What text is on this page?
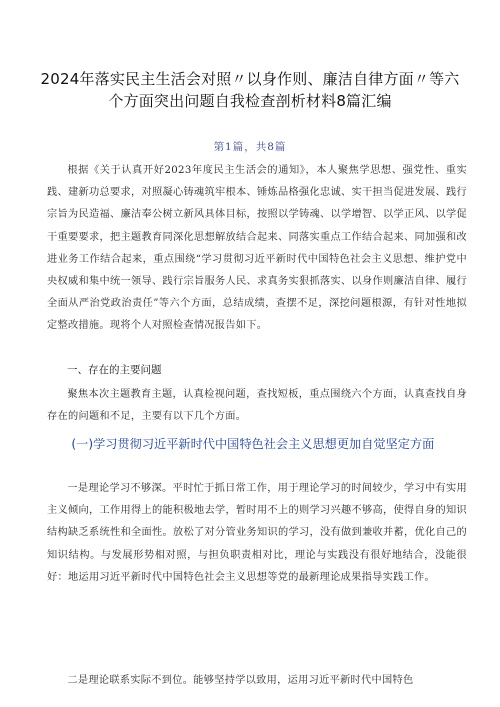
2024年落实民主生活会对照〃以身作则、廉洁自律方面〃等六个方面突出问题自我检查剖析材料8篇汇编
第1篇，共8篇
根据《关于认真开好2023年度民主生活会的通知》，本人聚焦学思想、强党性、重实践、建新功总要求，对照凝心铸魂筑牢根本、锤炼品格强化忠诚、实干担当促进发展、践行宗旨为民造福、廉洁奉公树立新风具体目标，按照以学铸魂、以学增智、以学正风、以学促干重要要求，把主题教育同深化思想解放结合起来、同落实重点工作结合起来、同加强和改进业务工作结合起来，重点围绕“学习贯彻习近平新时代中国特色社会主义思想、维护党中央权威和集中统一领导、践行宗旨服务人民、求真务实狠抓落实、以身作则廉洁自律、履行全面从严治党政治责任”等六个方面，总结成绩，查摆不足，深挖问题根源，有针对性地拟定整改措施。现将个人对照检查情况报告如下。
一、存在的主要问题
聚焦本次主题教育主题，认真检视问题，查找短板，重点围绕六个方面，认真查找自身存在的问题和不足，主要有以下几个方面。
(一)学习贯彻习近平新时代中国特色社会主义思想更加自觉坚定方面
一是理论学习不够深。平时忙于抓日常工作，用于理论学习的时间较少，学习中有实用主义倾向，工作用得上的能积极地去学，暂时用不上的则学习兴趣不够高，使得自身的知识结构缺乏系统性和全面性。放松了对分管业务知识的学习，没有做到兼收并蓄，优化自己的知识结构。与发展形势相对照，与担负职责相对比，理论与实践没有很好地结合，没能很好：地运用习近平新时代中国特色社会主义思想等党的最新理论成果指导实践工作。
二是理论联系实际不到位。能够坚持学以致用，运用习近平新时代中国特色
